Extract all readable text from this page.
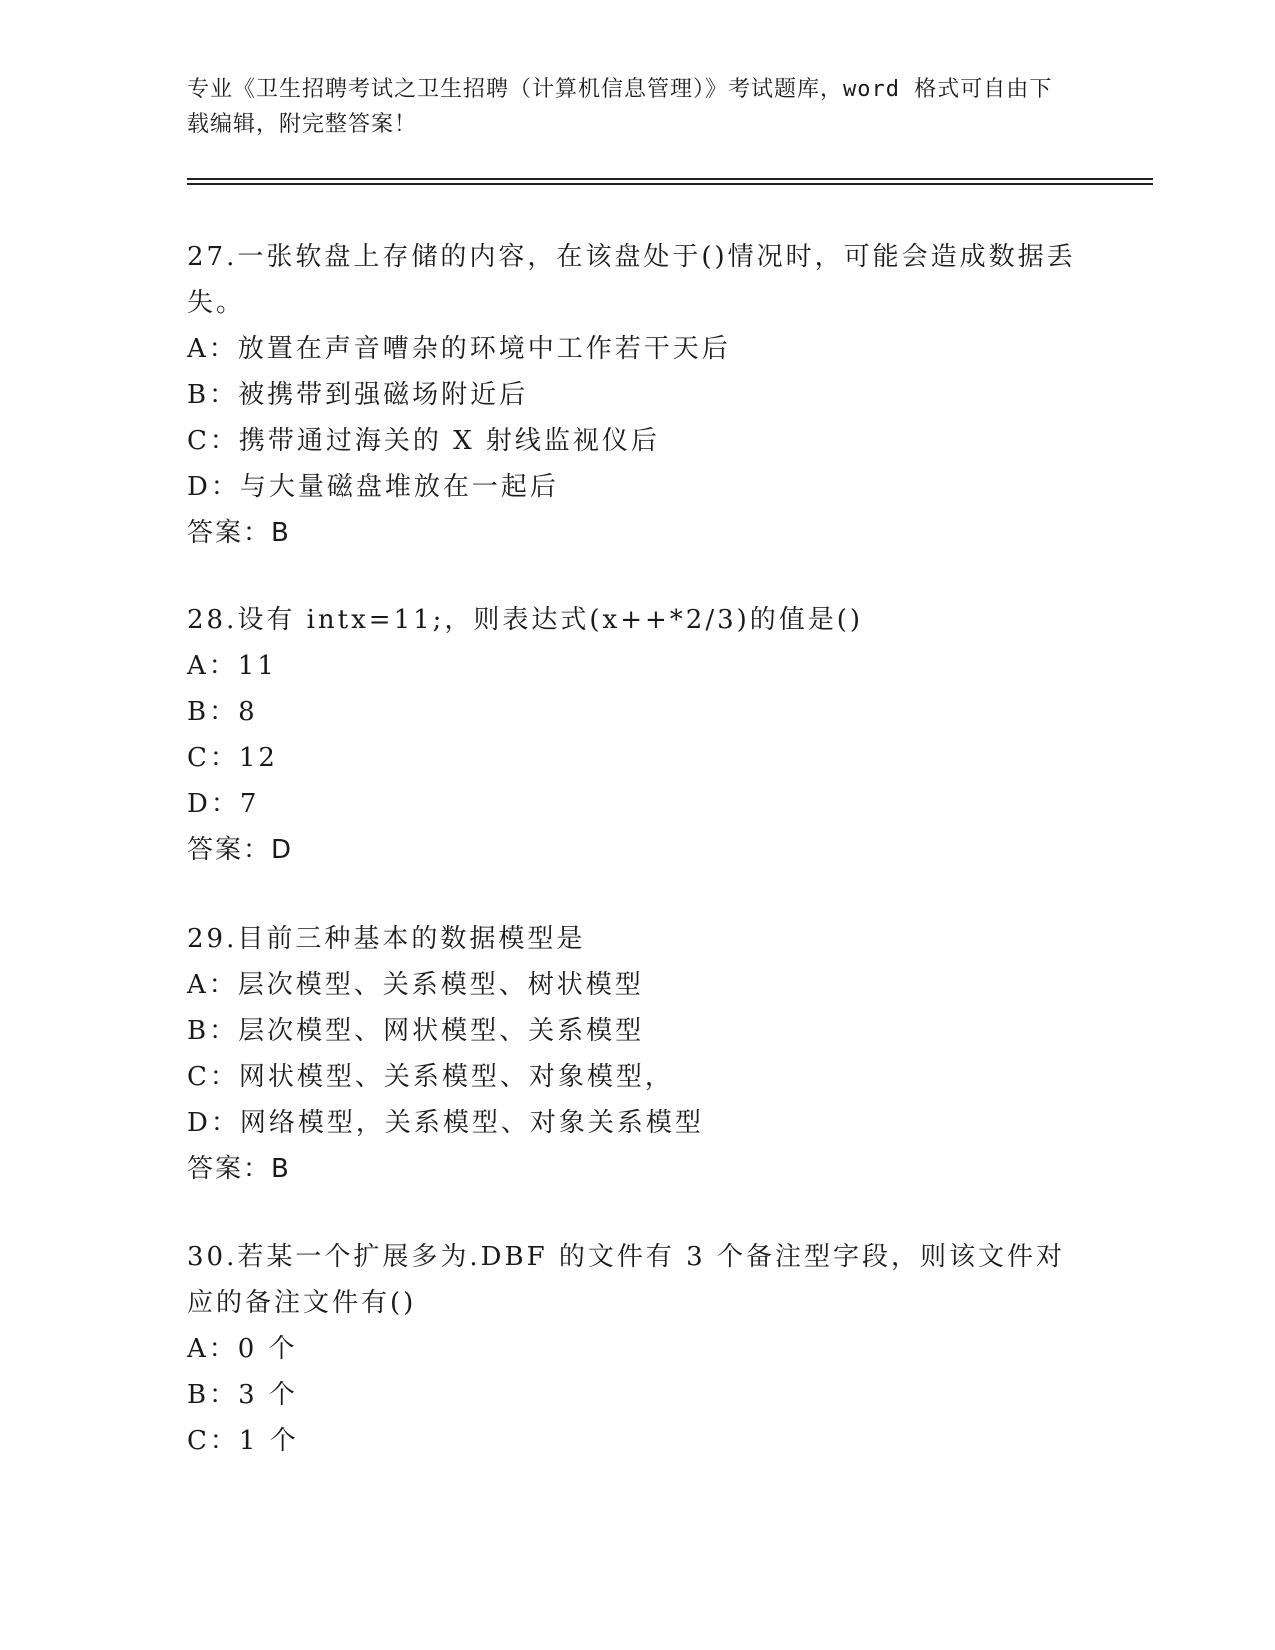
专业《卫生招聘考试之卫生招聘（计算机信息管理）》考试题库，word 格式可自由下载编辑，附完整答案！

27.一张软盘上存储的内容，在该盘处于()情况时，可能会造成数据丢失。

A：放置在声音嘈杂的环境中工作若干天后

B：被携带到强磁场附近后

C：携带通过海关的 X 射线监视仪后

D：与大量磁盘堆放在一起后

答案：B

28.设有 intx=11;，则表达式(x++*2/3)的值是()

A：11

B：8

C：12

D：7

答案：D

29.目前三种基本的数据模型是

A：层次模型、关系模型、树状模型

B：层次模型、网状模型、关系模型

C：网状模型、关系模型、对象模型，

D：网络模型，关系模型、对象关系模型

答案：B

30.若某一个扩展多为.DBF 的文件有 3 个备注型字段，则该文件对应的备注文件有()

A：0 个

B：3 个

C：1 个
